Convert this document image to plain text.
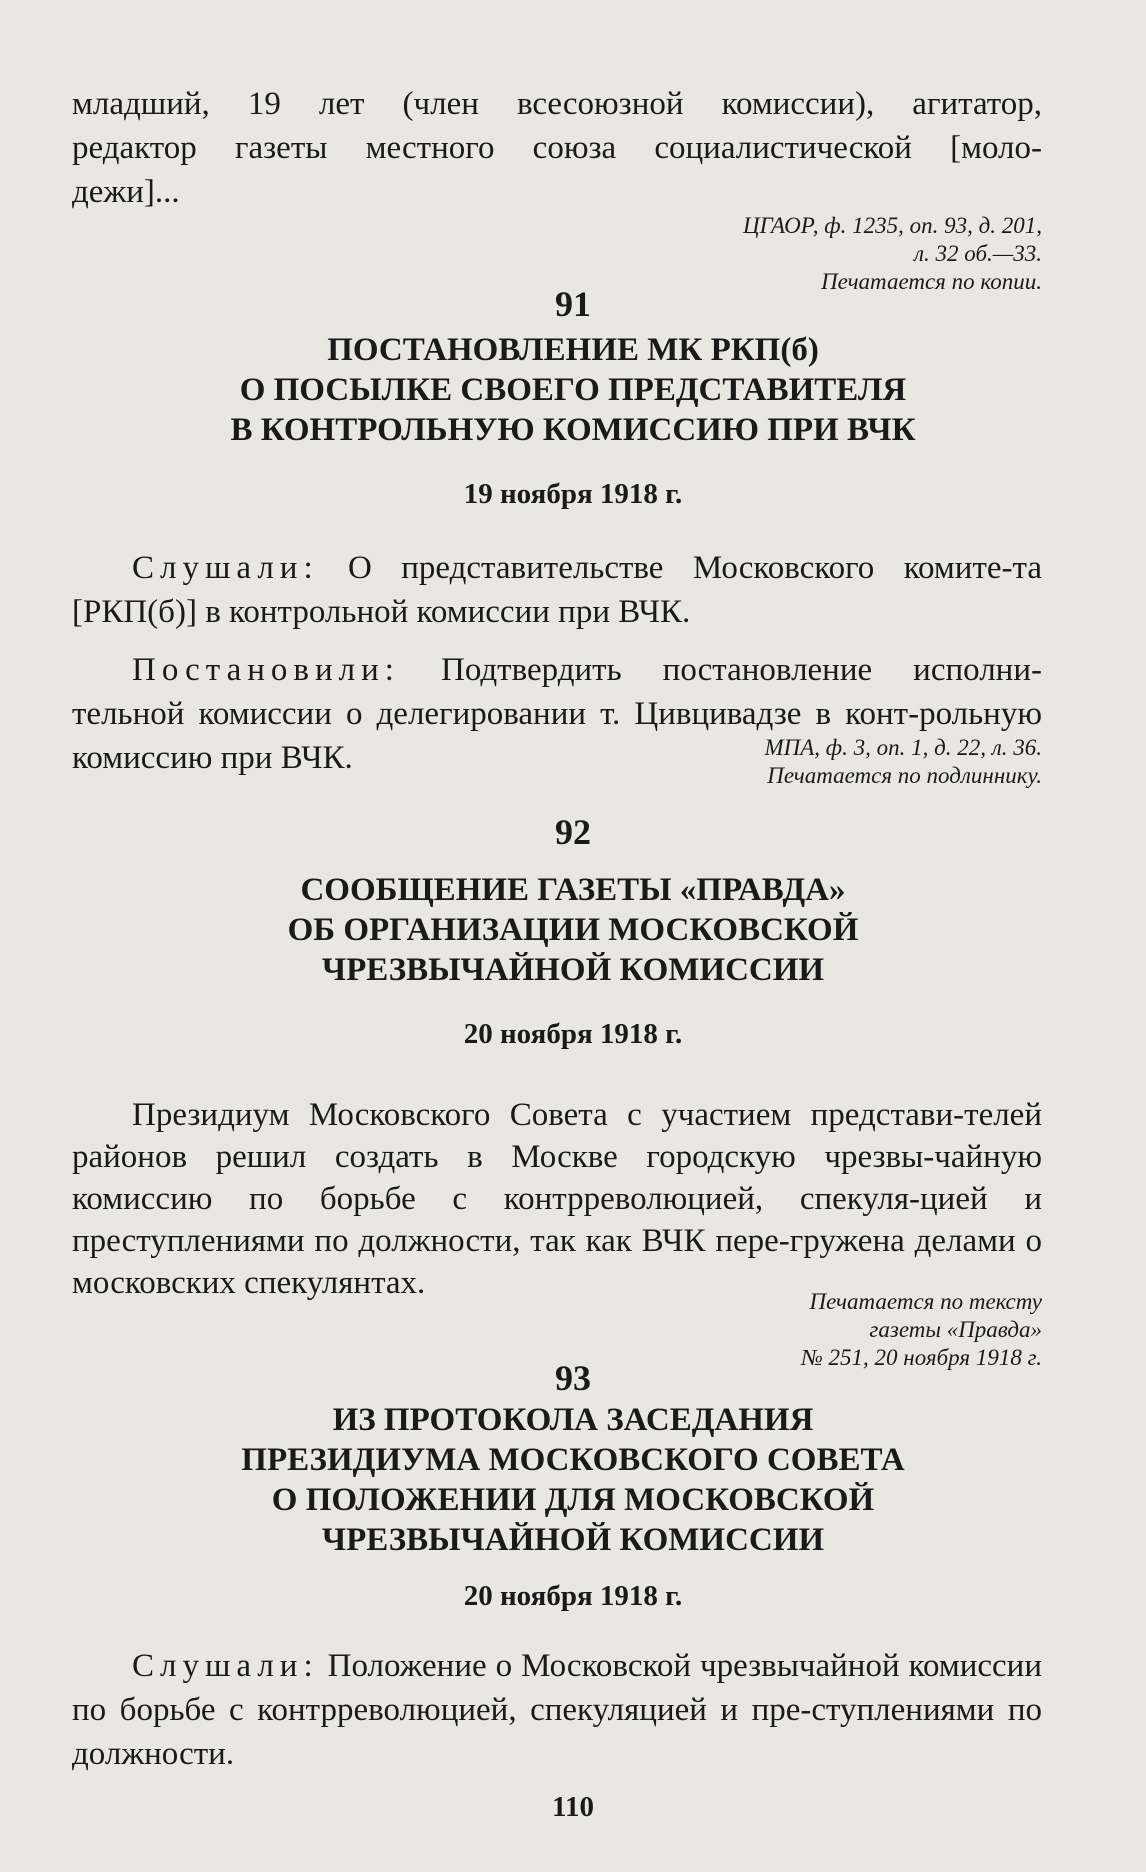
младший, 19 лет (член всесоюзной комиссии), агитатор,

редактор газеты местного союза социалистической [моло-

дежи]...

ЦГАОР, ф. 1235, оп. 93, д. 201,
л. 32 об.—33.
Печатается по копии.
91
ПОСТАНОВЛЕНИЕ МК РКП(б)
О ПОСЫЛКЕ СВОЕГО ПРЕДСТАВИТЕЛЯ
В КОНТРОЛЬНУЮ КОМИССИЮ ПРИ ВЧК
19 ноября 1918 г.

Слушали: О представительстве Московского комите-та [РКП(б)] в контрольной комиссии при ВЧК.

Постановили: Подтвердить постановление исполни-тельной комиссии о делегировании т. Цивцивадзе в конт-рольную комиссию при ВЧК.	МПА, ф. 3, оп. 1, д. 22, л. 36.
Печатается по подлиннику.
92
СООБЩЕНИЕ ГАЗЕТЫ «ПРАВДА»
ОБ ОРГАНИЗАЦИИ МОСКОВСКОЙ
ЧРЕЗВЫЧАЙНОЙ КОМИССИИ
20 ноября 1918 г.

Президиум Московского Совета с участием представи-телей районов решил создать в Москве городскую чрезвы-чайную комиссию по борьбе с контрреволюцией, спекуля-цией и преступлениями по должности, так как ВЧК пере-гружена делами о московских спекулянтах.

Печатается по тексту
газеты «Правда»
№ 251, 20 ноября 1918 г.
93
ИЗ ПРОТОКОЛА ЗАСЕДАНИЯ
ПРЕЗИДИУМА МОСКОВСКОГО СОВЕТА
О ПОЛОЖЕНИИ ДЛЯ МОСКОВСКОЙ
ЧРЕЗВЫЧАЙНОЙ КОМИССИИ
20 ноября 1918 г.

Слушали: Положение о Московской чрезвычайной комиссии по борьбе с контрреволюцией, спекуляцией и пре-ступлениями по должности.

110
